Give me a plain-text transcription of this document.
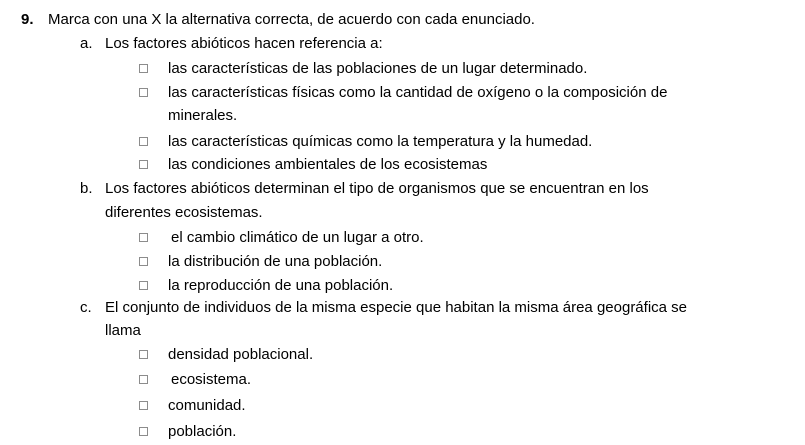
9. Marca con una X la alternativa correcta, de acuerdo con cada enunciado.
a. Los factores abióticos hacen referencia a:
las características de las poblaciones de un lugar determinado.
las características físicas como la cantidad de oxígeno o la composición de
minerales.
las características químicas como la temperatura y la humedad.
las condiciones ambientales de los ecosistemas
b. Los factores abióticos determinan el tipo de organismos que se encuentran en los
diferentes ecosistemas.
el cambio climático de un lugar a otro.
la distribución de una población.
la reproducción de una población.
c. El conjunto de individuos de la misma especie que habitan la misma área geográfica se
llama
densidad poblacional.
ecosistema.
comunidad.
población.
